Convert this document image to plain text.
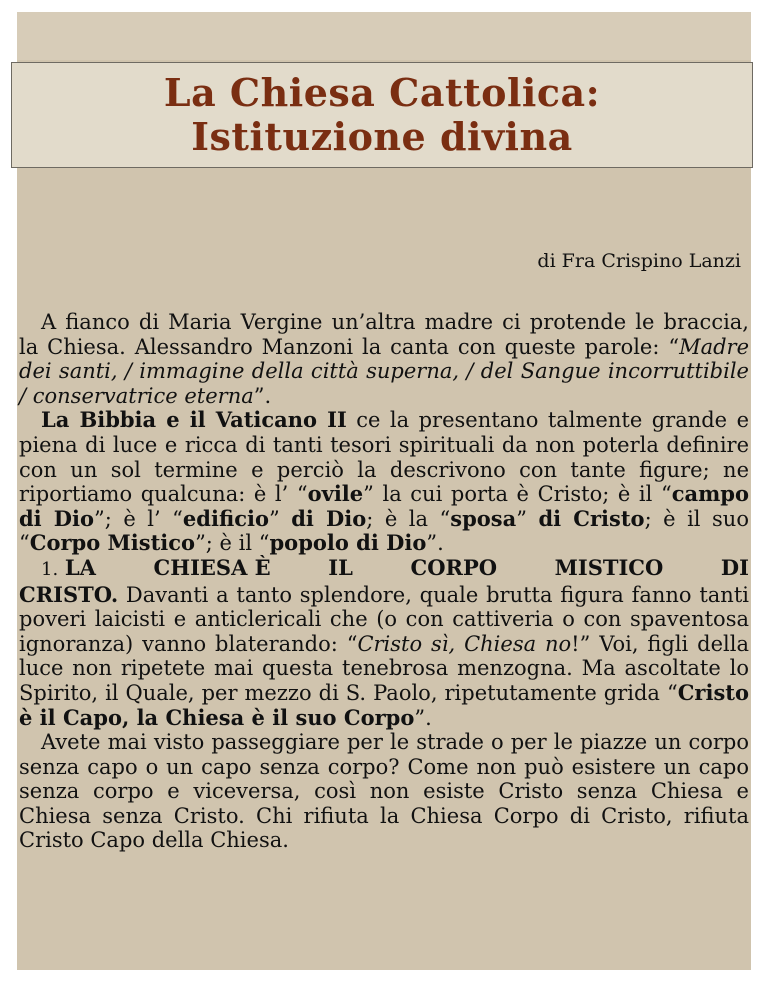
La Chiesa Cattolica:
Istituzione divina
di Fra Crispino Lanzi

A fianco di Maria Vergine un’altra madre ci protende le braccia, la Chiesa. Alessandro Manzoni la canta con queste parole: “Madre dei santi, / immagine della città superna, / del Sangue incorruttibile / conservatrice eterna”.

La Bibbia e il Vaticano II ce la presentano talmente grande e piena di luce e ricca di tanti tesori spirituali da non poterla definire con un sol termine e perciò la descrivono con tante figure; ne riportiamo qualcuna: è l’ “ovile” la cui porta è Cristo; è il “campo di Dio”; è l’ “edificio” di Dio; è la “sposa” di Cristo; è il suo “Corpo Mistico”; è il “popolo di Dio”.

1. LA	CHIESA È	IL	CORPO	MISTICO	DI

CRISTO. Davanti a tanto splendore, quale brutta figura fanno tanti poveri laicisti e anticlericali che (o con cattiveria o con spaventosa ignoranza) vanno blaterando: “Cristo sì, Chiesa no!” Voi, figli della luce non ripetete mai questa tenebrosa menzogna. Ma ascoltate lo Spirito, il Quale, per mezzo di S. Paolo, ripetutamente grida “Cristo è il Capo, la Chiesa è il suo Corpo”.

Avete mai visto passeggiare per le strade o per le piazze un corpo senza capo o un capo senza corpo? Come non può esistere un capo senza corpo e viceversa, così non esiste Cristo senza Chiesa e Chiesa senza Cristo. Chi rifiuta la Chiesa Corpo di Cristo, rifiuta Cristo Capo della Chiesa.
